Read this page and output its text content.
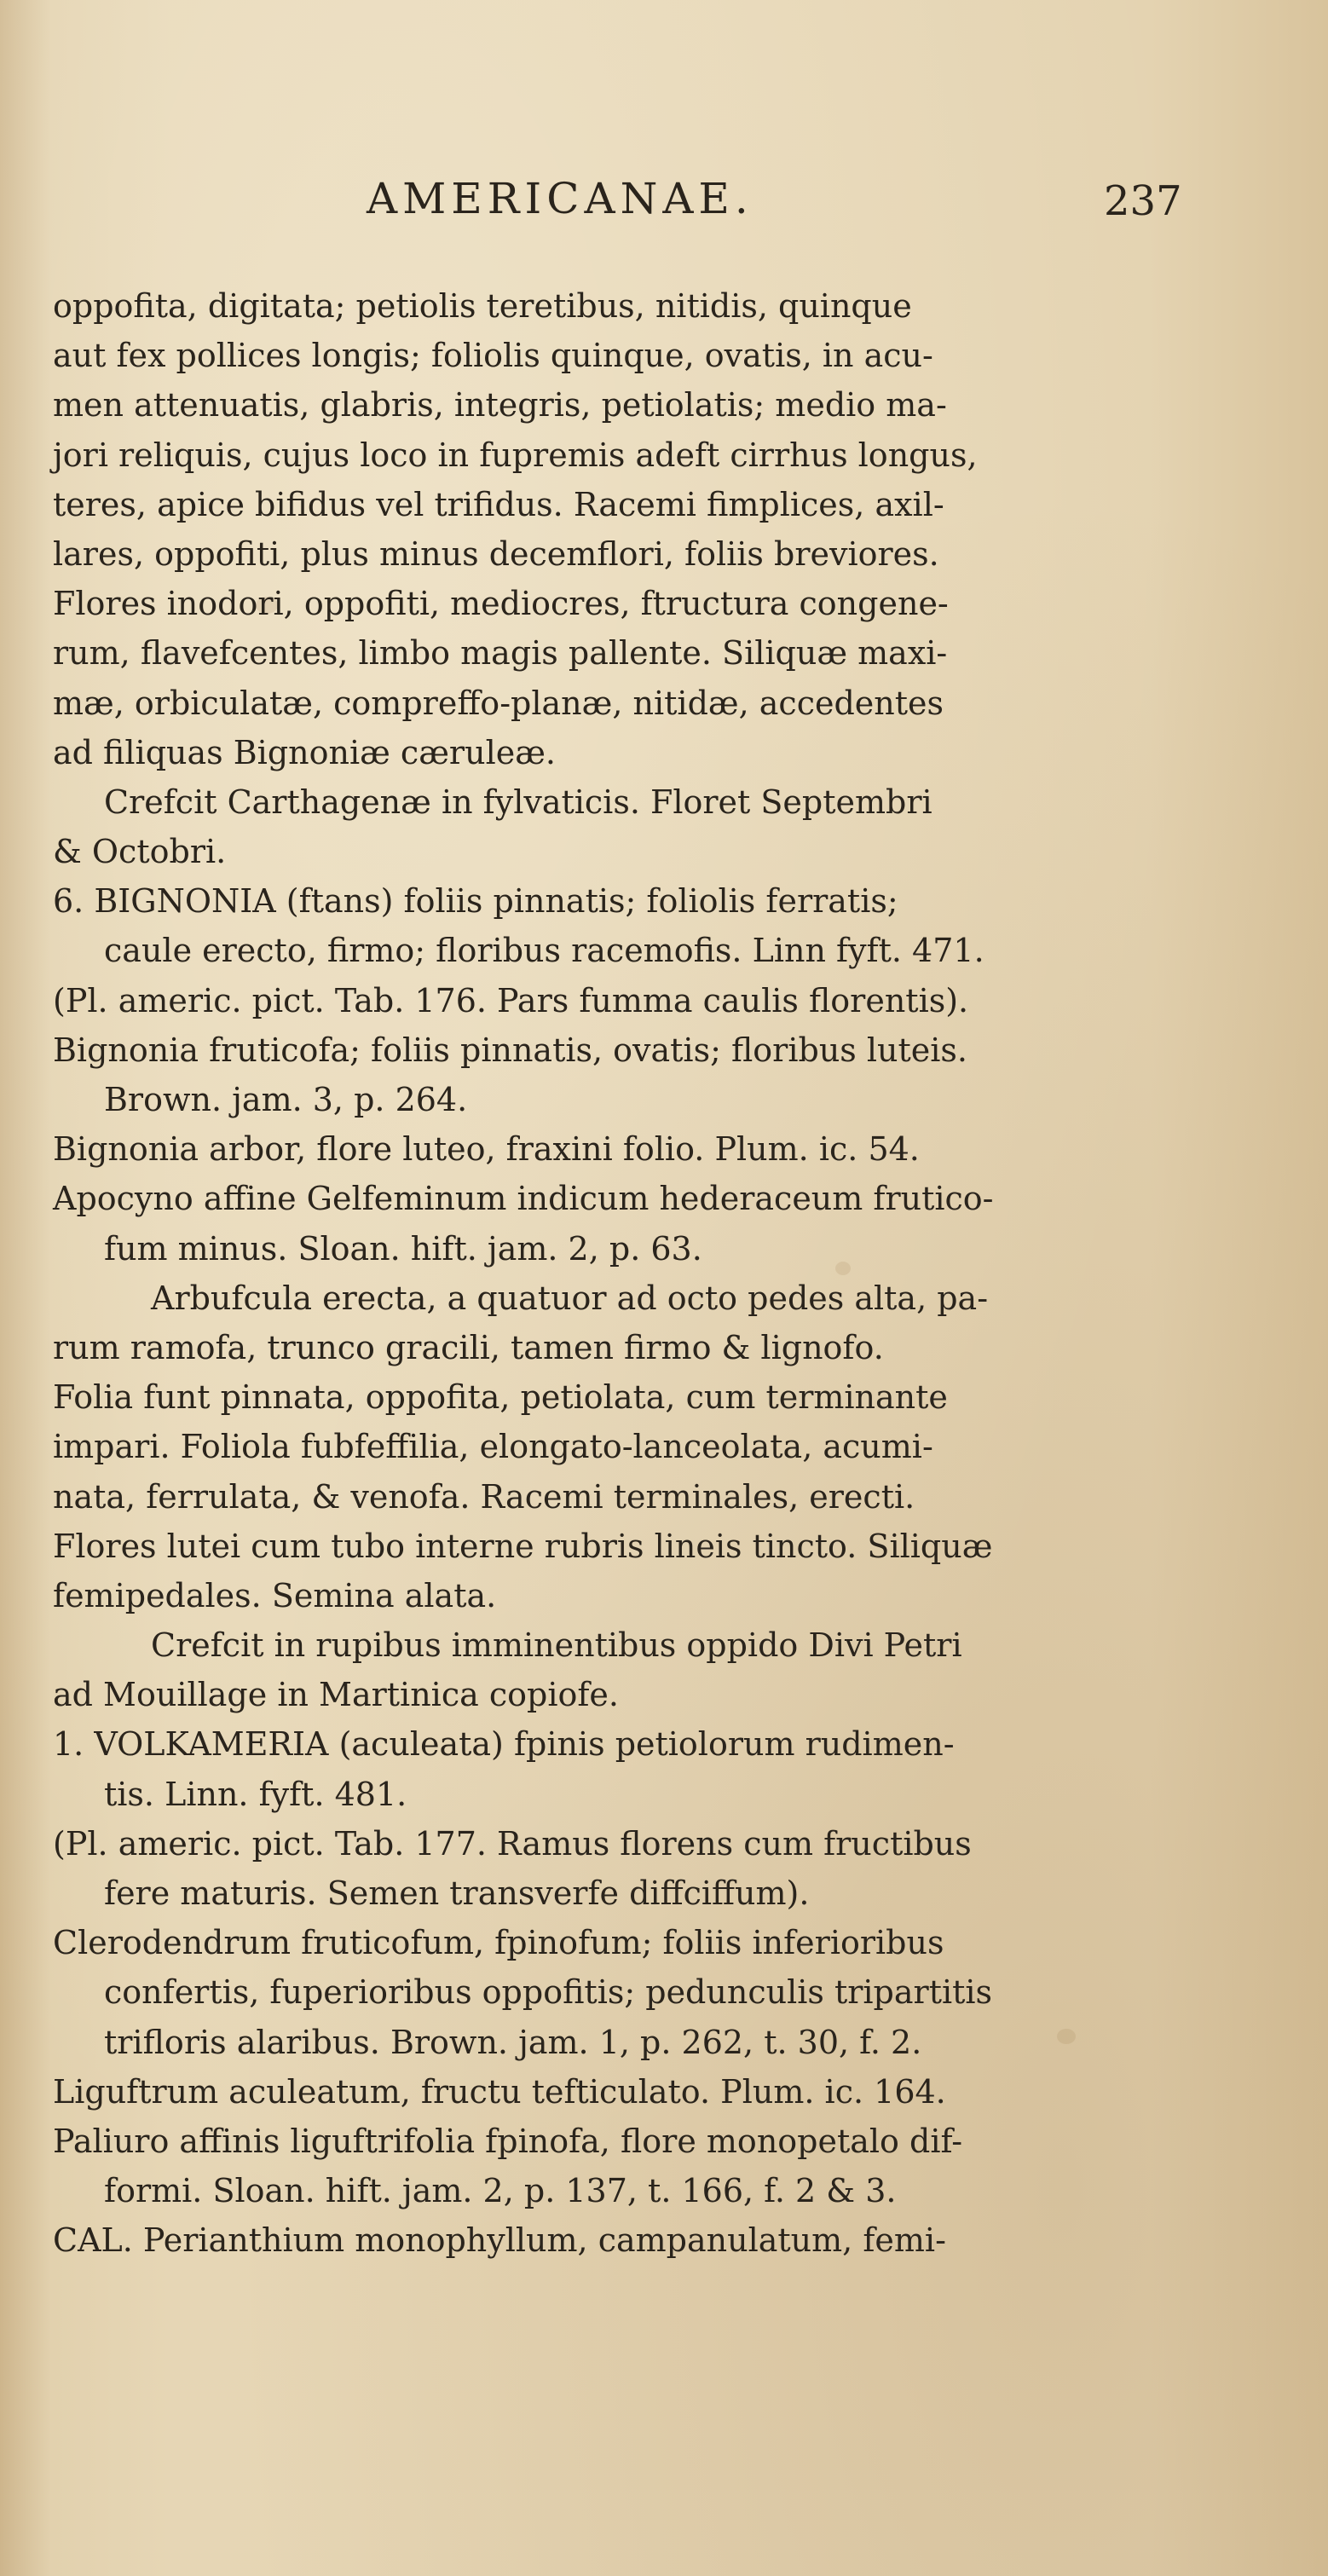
AMERICANAE.	237
oppofita, digitata; petiolis teretibus, nitidis, quinque
aut fex pollices longis; foliolis quinque, ovatis, in acu-
men attenuatis, glabris, integris, petiolatis; medio ma-
jori reliquis, cujus loco in fupremis adeft cirrhus longus,
teres, apice bifidus vel trifidus. Racemi fimplices, axil-
lares, oppofiti, plus minus decemflori, foliis breviores.
Flores inodori, oppofiti, mediocres, ftructura congene-
rum, flavefcentes, limbo magis pallente. Siliquæ maxi-
mæ, orbiculatæ, compreffo-planæ, nitidæ, accedentes
ad filiquas Bignoniæ cæruleæ.
Crefcit Carthagenæ in fylvaticis. Floret Septembri
& Octobri.
6. BIGNONIA (ftans) foliis pinnatis; foliolis ferratis;
caule erecto, firmo; floribus racemofis. Linn fyft. 471.
(Pl. americ. pict. Tab. 176. Pars fumma caulis florentis).
Bignonia fruticofa; foliis pinnatis, ovatis; floribus luteis.
Brown. jam. 3, p. 264.
Bignonia arbor, flore luteo, fraxini folio. Plum. ic. 54.
Apocyno affine Gelfeminum indicum hederaceum frutico-
fum minus. Sloan. hift. jam. 2, p. 63.
Arbufcula erecta, a quatuor ad octo pedes alta, pa-
rum ramofa, trunco gracili, tamen firmo & lignofo.
Folia funt pinnata, oppofita, petiolata, cum terminante
impari. Foliola fubfeffilia, elongato-lanceolata, acumi-
nata, ferrulata, & venofa. Racemi terminales, erecti.
Flores lutei cum tubo interne rubris lineis tincto. Siliquæ
femipedales. Semina alata.
Crefcit in rupibus imminentibus oppido Divi Petri
ad Mouillage in Martinica copiofe.
1. VOLKAMERIA (aculeata) fpinis petiolorum rudimen-
tis. Linn. fyft. 481.
(Pl. americ. pict. Tab. 177. Ramus florens cum fructibus
fere maturis. Semen transverfe diffciffum).
Clerodendrum fruticofum, fpinofum; foliis inferioribus
confertis, fuperioribus oppofitis; pedunculis tripartitis
trifloris alaribus. Brown. jam. 1, p. 262, t. 30, f. 2.
Liguftrum aculeatum, fructu tefticulato. Plum. ic. 164.
Paliuro affinis liguftrifolia fpinofa, flore monopetalo dif-
formi. Sloan. hift. jam. 2, p. 137, t. 166, f. 2 & 3.
CAL. Perianthium monophyllum, campanulatum, femi-
